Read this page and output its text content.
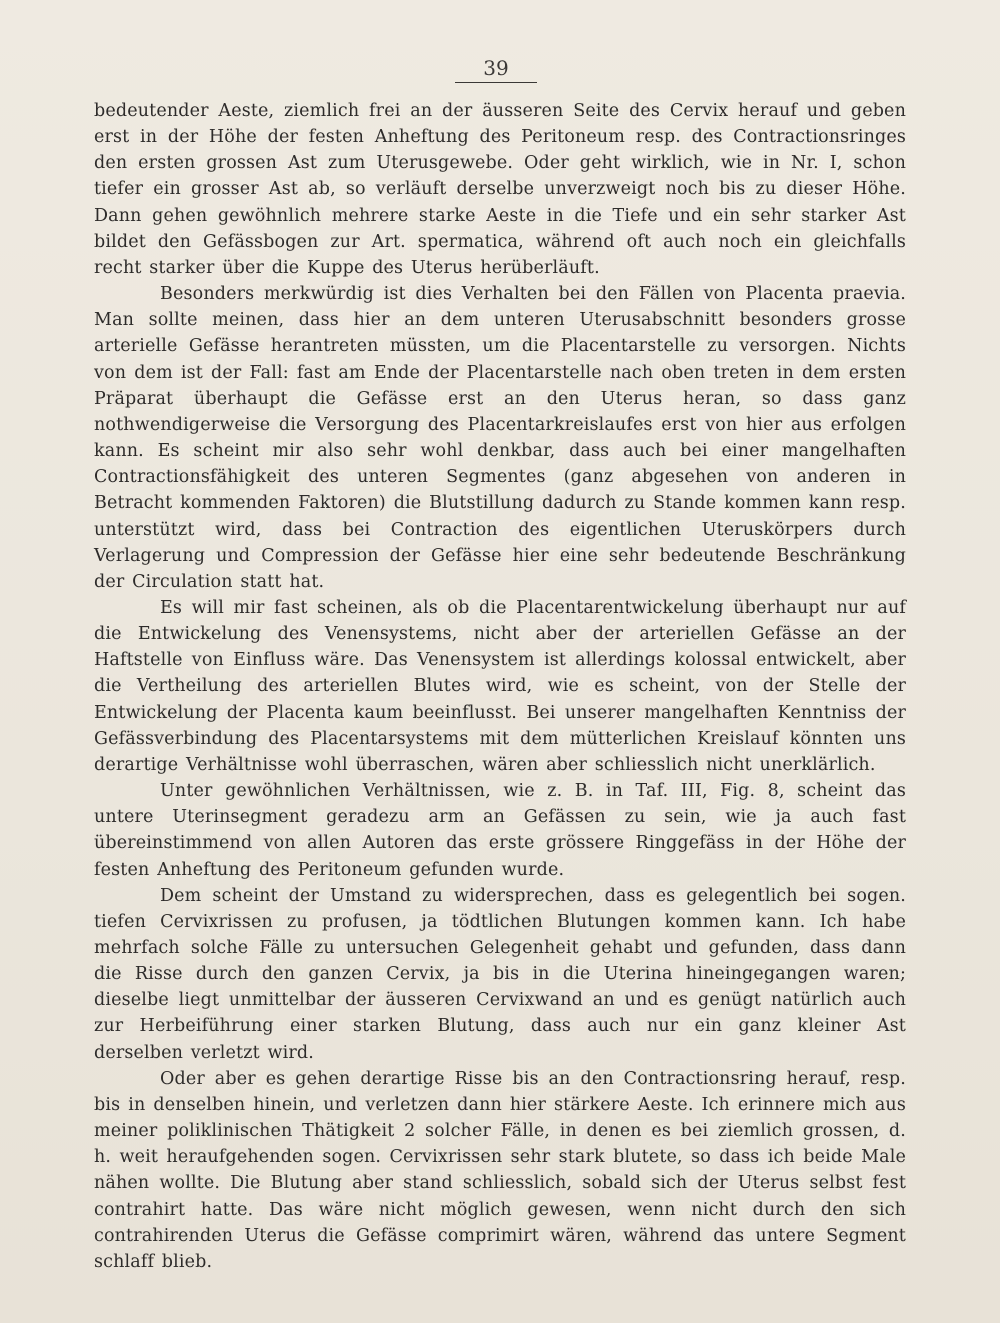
39

bedeutender Aeste, ziemlich frei an der äusseren Seite des Cervix herauf und geben erst in der Höhe der festen Anheftung des Peritoneum resp. des Contractionsringes den ersten grossen Ast zum Uterusgewebe. Oder geht wirklich, wie in Nr. I, schon tiefer ein grosser Ast ab, so verläuft derselbe unverzweigt noch bis zu dieser Höhe. Dann gehen gewöhnlich mehrere starke Aeste in die Tiefe und ein sehr starker Ast bildet den Gefässbogen zur Art. spermatica, während oft auch noch ein gleichfalls recht starker über die Kuppe des Uterus herüberläuft.

Besonders merkwürdig ist dies Verhalten bei den Fällen von Placenta praevia. Man sollte meinen, dass hier an dem unteren Uterusabschnitt besonders grosse arterielle Gefässe herantreten müssten, um die Placentarstelle zu versorgen. Nichts von dem ist der Fall: fast am Ende der Placentarstelle nach oben treten in dem ersten Präparat überhaupt die Gefässe erst an den Uterus heran, so dass ganz nothwendigerweise die Versorgung des Placentarkreislaufes erst von hier aus erfolgen kann. Es scheint mir also sehr wohl denkbar, dass auch bei einer mangelhaften Contractionsfähigkeit des unteren Segmentes (ganz abgesehen von anderen in Betracht kommenden Faktoren) die Blutstillung dadurch zu Stande kommen kann resp. unterstützt wird, dass bei Contraction des eigentlichen Uteruskörpers durch Verlagerung und Compression der Gefässe hier eine sehr bedeutende Beschränkung der Circulation statt hat.

Es will mir fast scheinen, als ob die Placentarentwickelung überhaupt nur auf die Entwickelung des Venensystems, nicht aber der arteriellen Gefässe an der Haftstelle von Einfluss wäre. Das Venensystem ist allerdings kolossal entwickelt, aber die Vertheilung des arteriellen Blutes wird, wie es scheint, von der Stelle der Entwickelung der Placenta kaum beeinflusst. Bei unserer mangelhaften Kenntniss der Gefässverbindung des Placentarsystems mit dem mütterlichen Kreislauf könnten uns derartige Verhältnisse wohl überraschen, wären aber schliesslich nicht unerklärlich.

Unter gewöhnlichen Verhältnissen, wie z. B. in Taf. III, Fig. 8, scheint das untere Uterinsegment geradezu arm an Gefässen zu sein, wie ja auch fast übereinstimmend von allen Autoren das erste grössere Ringgefäss in der Höhe der festen Anheftung des Peritoneum gefunden wurde.

Dem scheint der Umstand zu widersprechen, dass es gelegentlich bei sogen. tiefen Cervixrissen zu profusen, ja tödtlichen Blutungen kommen kann. Ich habe mehrfach solche Fälle zu untersuchen Gelegenheit gehabt und gefunden, dass dann die Risse durch den ganzen Cervix, ja bis in die Uterina hineingegangen waren; dieselbe liegt unmittelbar der äusseren Cervixwand an und es genügt natürlich auch zur Herbeiführung einer starken Blutung, dass auch nur ein ganz kleiner Ast derselben verletzt wird.

Oder aber es gehen derartige Risse bis an den Contractionsring herauf, resp. bis in denselben hinein, und verletzen dann hier stärkere Aeste. Ich erinnere mich aus meiner poliklinischen Thätigkeit 2 solcher Fälle, in denen es bei ziemlich grossen, d. h. weit heraufgehenden sogen. Cervixrissen sehr stark blutete, so dass ich beide Male nähen wollte. Die Blutung aber stand schliesslich, sobald sich der Uterus selbst fest contrahirt hatte. Das wäre nicht möglich gewesen, wenn nicht durch den sich contrahirenden Uterus die Gefässe comprimirt wären, während das untere Segment schlaff blieb.
